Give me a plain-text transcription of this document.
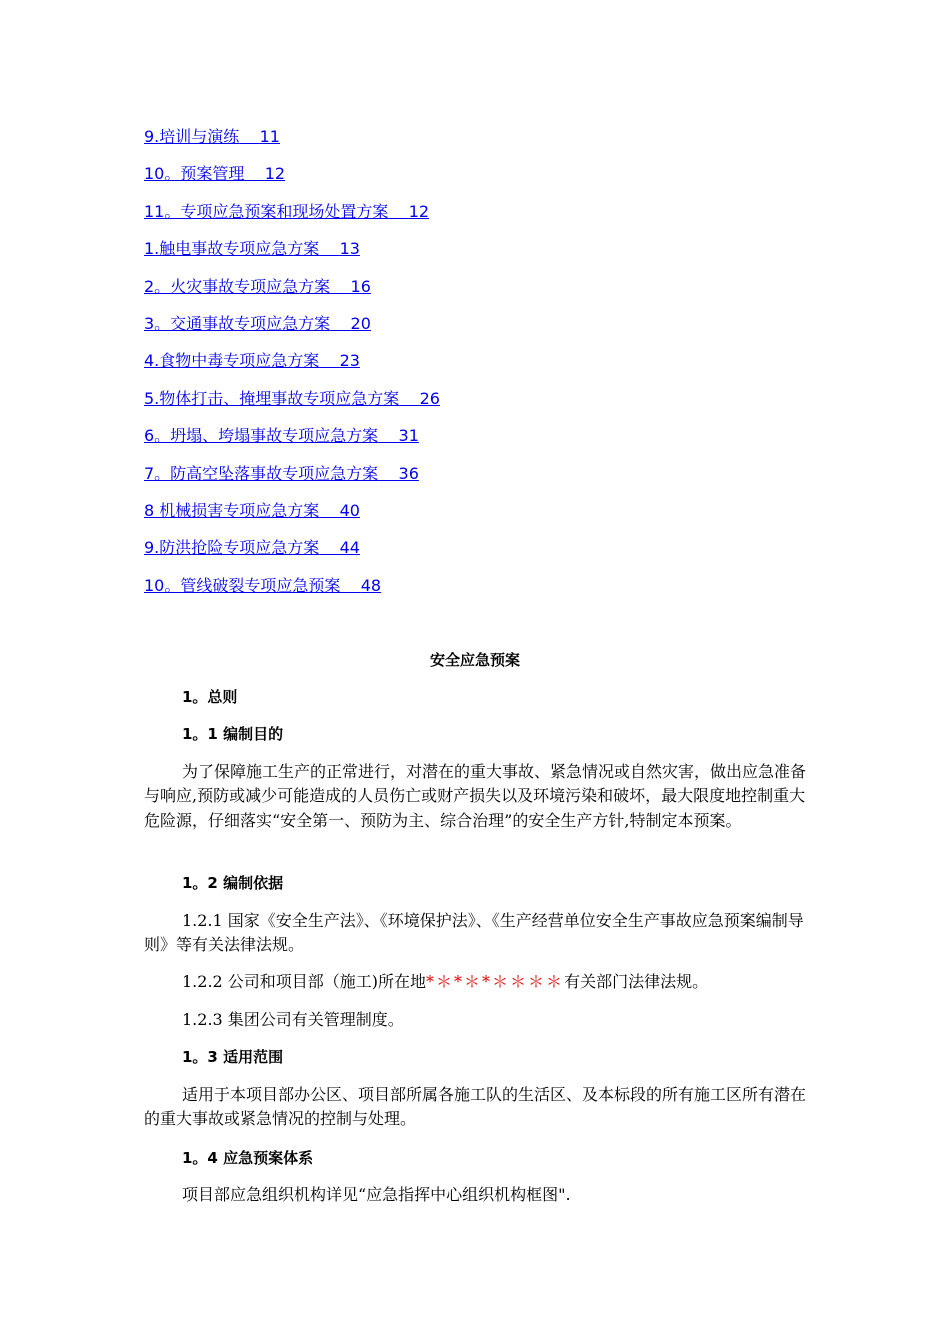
9.培训与演练 11
10。预案管理 12
11。专项应急预案和现场处置方案 12
1.触电事故专项应急方案 13
2。火灾事故专项应急方案 16
3。交通事故专项应急方案 20
4.食物中毒专项应急方案 23
5.物体打击、掩埋事故专项应急方案 26
6。坍塌、垮塌事故专项应急方案 31
7。防高空坠落事故专项应急方案 36
8 机械损害专项应急方案 40
9.防洪抢险专项应急方案 44
10。管线破裂专项应急预案 48
安全应急预案
1。总则
1。1 编制目的

为了保障施工生产的正常进行，对潜在的重大事故、紧急情况或自然灾害，做出应急准备与响应,预防或减少可能造成的人员伤亡或财产损失以及环境污染和破坏，最大限度地控制重大危险源，仔细落实“安全第一、预防为主、综合治理”的安全生产方针,特制定本预案。

1。2 编制依据

1.2.1 国家《安全生产法》、《环境保护法》、《生产经营单位安全生产事故应急预案编制导则》等有关法律法规。

1.2.2 公司和项目部（施工)所在地*＊*＊*＊＊＊＊有关部门法律法规。

1.2.3 集团公司有关管理制度。

1。3 适用范围

适用于本项目部办公区、项目部所属各施工队的生活区、及本标段的所有施工区所有潜在的重大事故或紧急情况的控制与处理。

1。4 应急预案体系

项目部应急组织机构详见“应急指挥中心组织机构框图".
